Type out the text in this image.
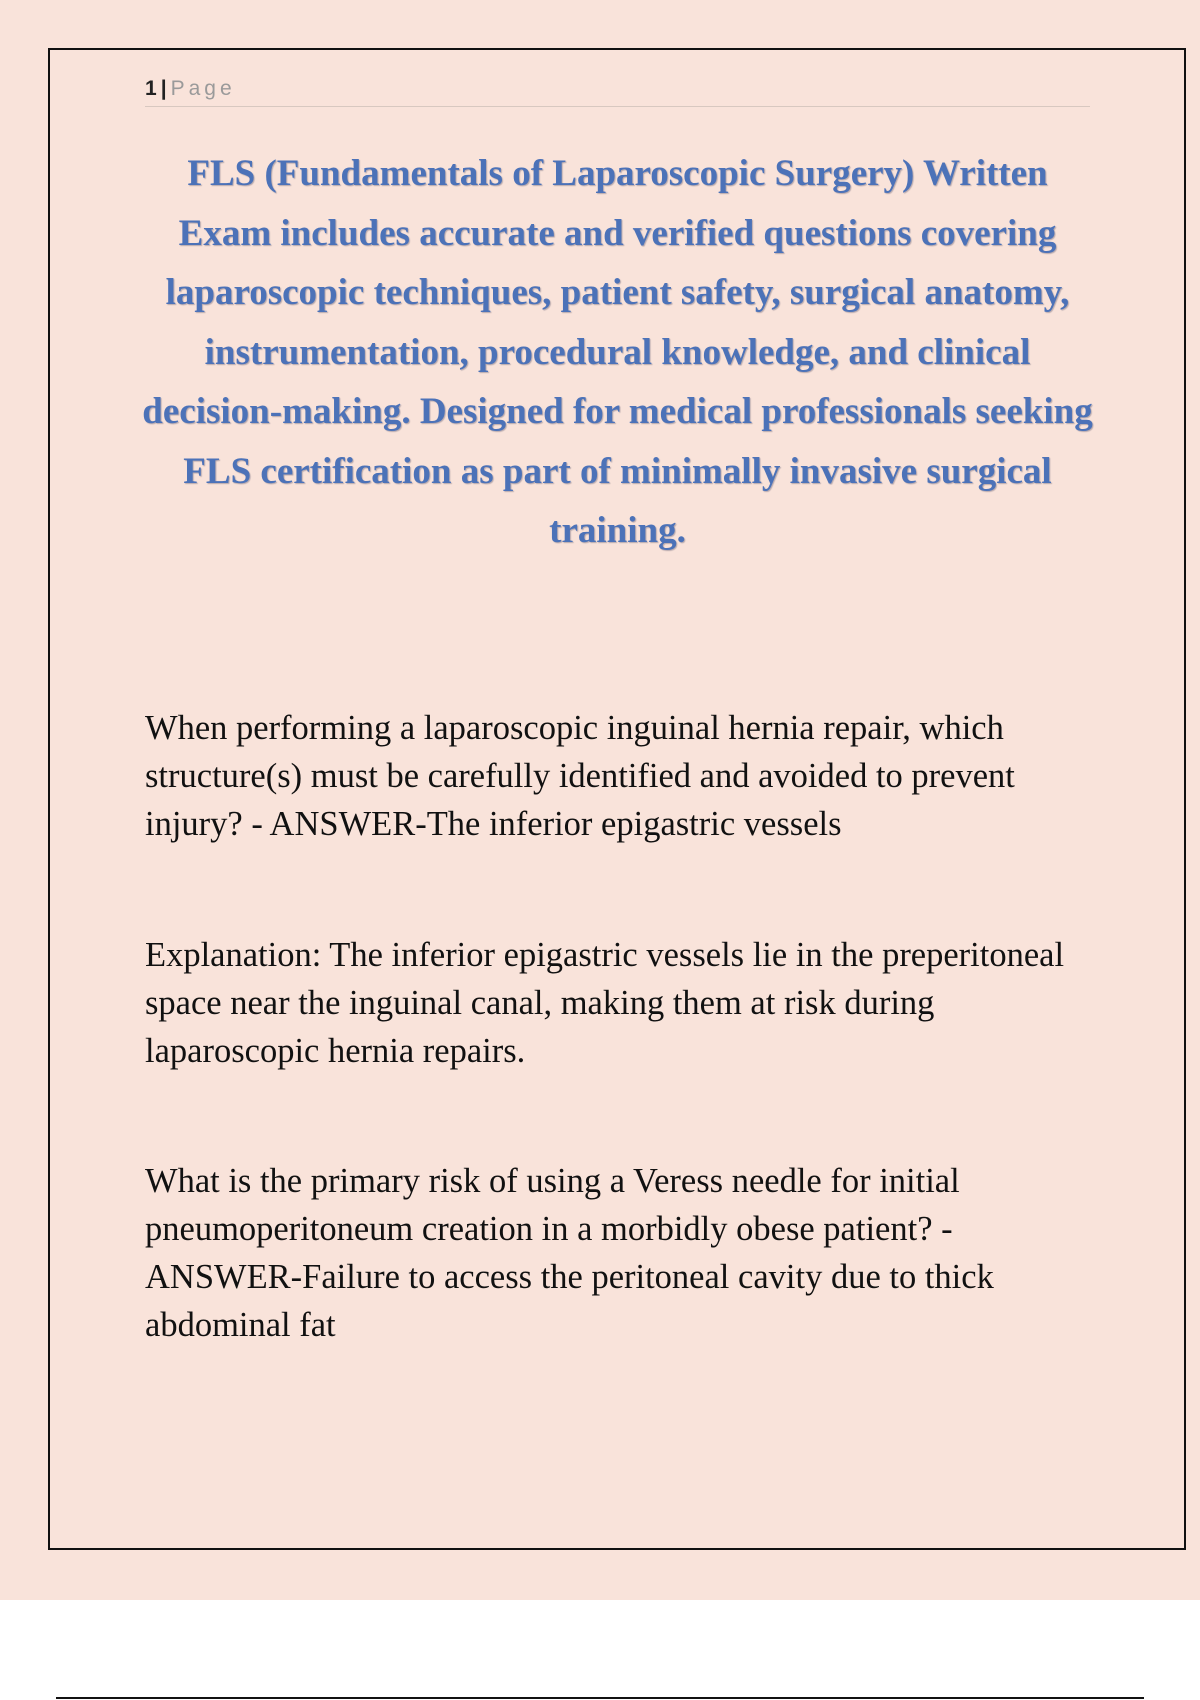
1 | Page
FLS (Fundamentals of Laparoscopic Surgery) Written Exam includes accurate and verified questions covering laparoscopic techniques, patient safety, surgical anatomy, instrumentation, procedural knowledge, and clinical decision-making. Designed for medical professionals seeking FLS certification as part of minimally invasive surgical training.

When performing a laparoscopic inguinal hernia repair, which structure(s) must be carefully identified and avoided to prevent injury? - ANSWER-The inferior epigastric vessels

Explanation: The inferior epigastric vessels lie in the preperitoneal space near the inguinal canal, making them at risk during laparoscopic hernia repairs.

What is the primary risk of using a Veress needle for initial pneumoperitoneum creation in a morbidly obese patient? - ANSWER-Failure to access the peritoneal cavity due to thick abdominal fat
